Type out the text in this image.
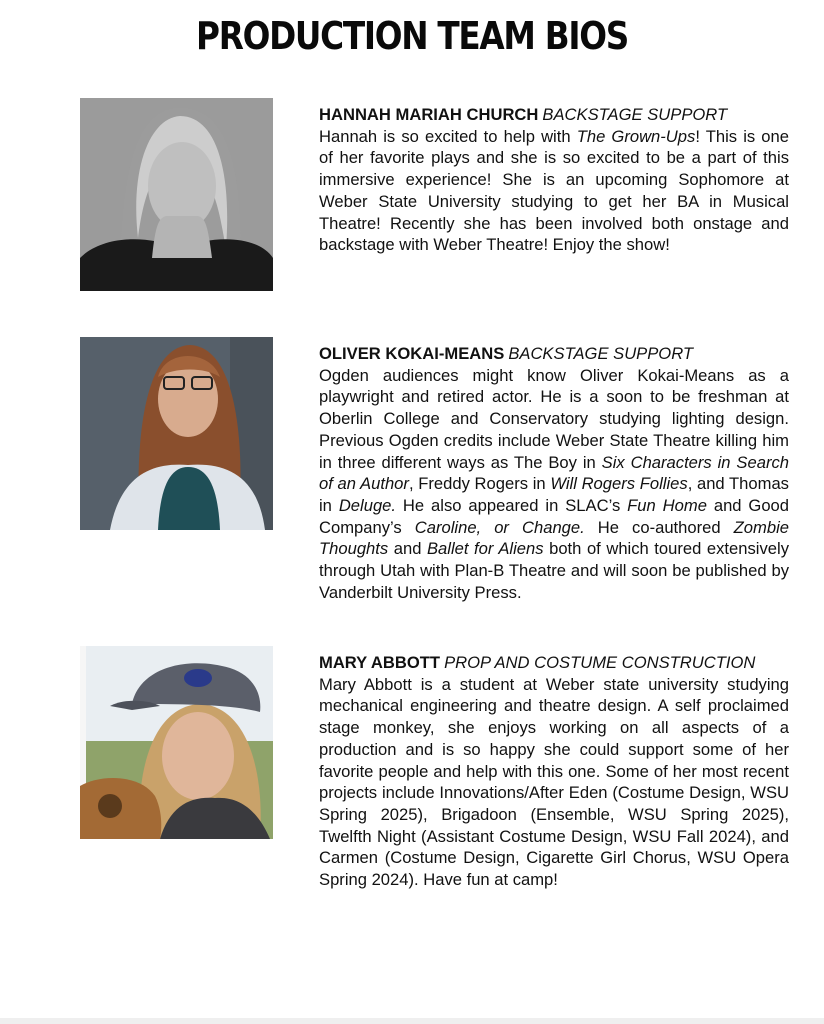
PRODUCTION TEAM BIOS
HANNAH MARIAH CHURCH BACKSTAGE SUPPORT
Hannah is so excited to help with The Grown-Ups! This is one of her favorite plays and she is so excited to be a part of this immersive experience! She is an upcoming Sophomore at Weber State University studying to get her BA in Musical Theatre! Recently she has been involved both onstage and backstage with Weber Theatre! Enjoy the show!
OLIVER KOKAI-MEANS BACKSTAGE SUPPORT
Ogden audiences might know Oliver Kokai-Means as a playwright and retired actor. He is a soon to be freshman at Oberlin College and Conservatory studying lighting design. Previous Ogden credits include Weber State Theatre killing him in three different ways as The Boy in Six Characters in Search of an Author, Freddy Rogers in Will Rogers Follies, and Thomas in Deluge. He also appeared in SLAC’s Fun Home and Good Company’s Caroline, or Change. He co-authored Zombie Thoughts and Ballet for Aliens both of which toured extensively through Utah with Plan-B Theatre and will soon be published by Vanderbilt University Press.
MARY ABBOTT PROP AND COSTUME CONSTRUCTION
Mary Abbott is a student at Weber state university studying mechanical engineering and theatre design. A self proclaimed stage monkey, she enjoys working on all aspects of a production and is so happy she could support some of her favorite people and help with this one. Some of her most recent projects include Innovations/After Eden (Costume Design, WSU Spring 2025), Brigadoon (Ensemble, WSU Spring 2025), Twelfth Night (Assistant Costume Design, WSU Fall 2024), and Carmen (Costume Design, Cigarette Girl Chorus, WSU Opera Spring 2024). Have fun at camp!
